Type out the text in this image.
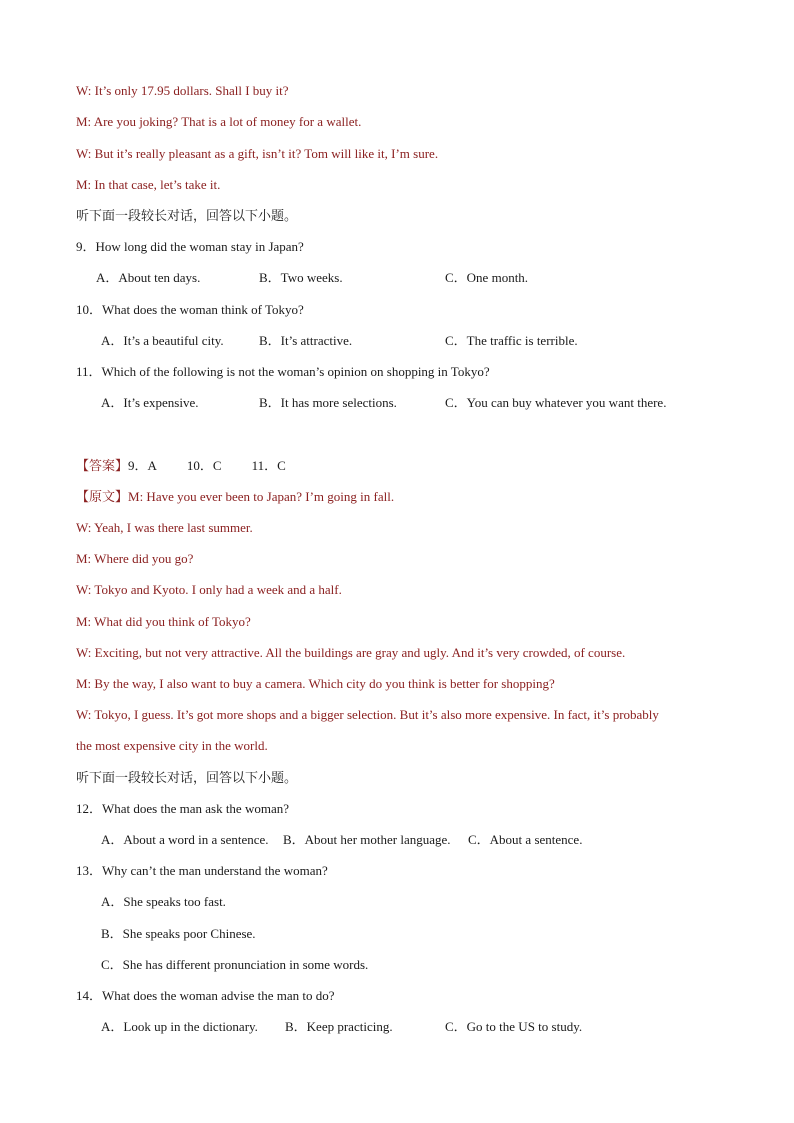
W: It’s only 17.95 dollars. Shall I buy it?
M: Are you joking? That is a lot of money for a wallet.
W: But it’s really pleasant as a gift, isn’t it? Tom will like it, I’m sure.
M: In that case, let’s take it.
听下面一段较长对话，回答以下小题。
9．How long did the woman stay in Japan?
A．About ten days.	B．Two weeks.	C．One month.
10．What does the woman think of Tokyo?
A．It’s a beautiful city.	B．It’s attractive.	C．The traffic is terrible.
11．Which of the following is not the woman’s opinion on shopping in Tokyo?
A．It’s expensive.	B．It has more selections.	C．You can buy whatever you want there.
【答案】9．A 10．C 11．C
【原文】M: Have you ever been to Japan? I’m going in fall.
W: Yeah, I was there last summer.
M: Where did you go?
W: Tokyo and Kyoto. I only had a week and a half.
M: What did you think of Tokyo?
W: Exciting, but not very attractive. All the buildings are gray and ugly. And it’s very crowded, of course.
M: By the way, I also want to buy a camera. Which city do you think is better for shopping?
W: Tokyo, I guess. It’s got more shops and a bigger selection. But it’s also more expensive. In fact, it’s probably
the most expensive city in the world.
听下面一段较长对话，回答以下小题。
12．What does the man ask the woman?
A．About a word in a sentence. B．About her mother language. C．About a sentence.
13．Why can’t the man understand the woman?
A．She speaks too fast.
B．She speaks poor Chinese.
C．She has different pronunciation in some words.
14．What does the woman advise the man to do?
A．Look up in the dictionary. B．Keep practicing.	C．Go to the US to study.
